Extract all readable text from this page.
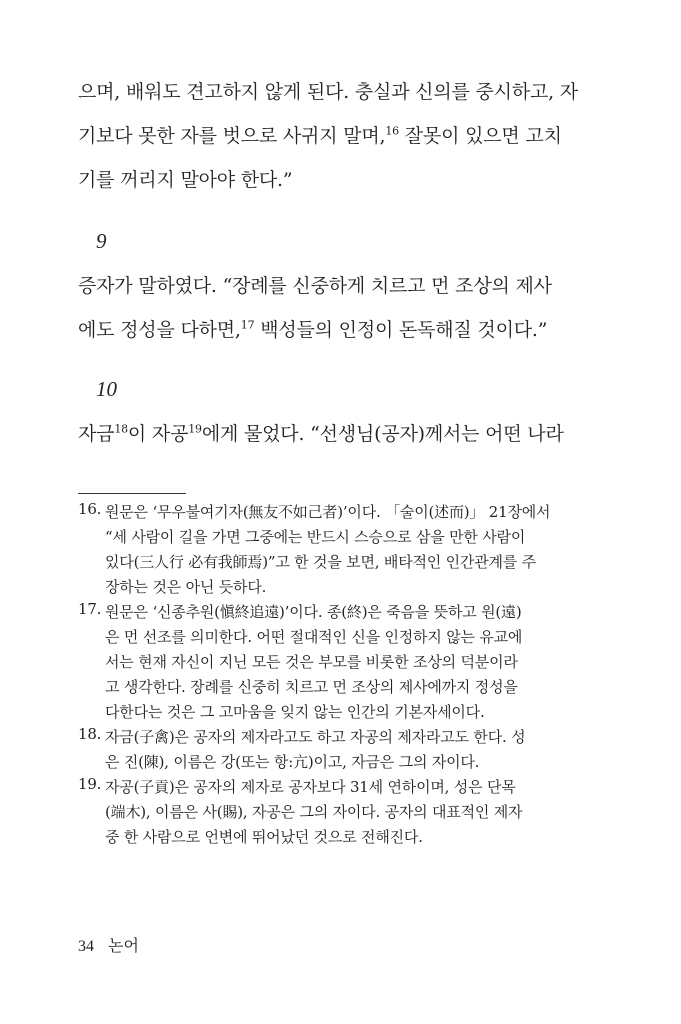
으며, 배워도 견고하지 않게 된다. 충실과 신의를 중시하고, 자
기보다 못한 자를 벗으로 사귀지 말며,$^{16}$ 잘못이 있으면 고치
기를 꺼리지 말아야 한다.”
9
증자가 말하였다. “장례를 신중하게 치르고 먼 조상의 제사
에도 정성을 다하면,$^{17}$ 백성들의 인정이 돈독해질 것이다.”
10
자금$^{18}$이 자공$^{19}$에게 물었다. “선생님(공자)께서는 어떤 나라
16. 원문은 ‘무우불여기자(無友不如己者)’이다. 「술이(述而)」 21장에서
“세 사람이 길을 가면 그중에는 반드시 스승으로 삼을 만한 사람이
있다(三人行 必有我師焉)”고 한 것을 보면, 배타적인 인간관계를 주
장하는 것은 아닌 듯하다.
17. 원문은 ‘신종추원(愼終追遠)’이다. 종(終)은 죽음을 뜻하고 원(遠)
은 먼 선조를 의미한다. 어떤 절대적인 신을 인정하지 않는 유교에
서는 현재 자신이 지닌 모든 것은 부모를 비롯한 조상의 덕분이라
고 생각한다. 장례를 신중히 치르고 먼 조상의 제사에까지 정성을
다한다는 것은 그 고마움을 잊지 않는 인간의 기본자세이다.
18. 자금(子禽)은 공자의 제자라고도 하고 자공의 제자라고도 한다. 성
은 진(陳), 이름은 강(또는 항:亢)이고, 자금은 그의 자이다.
19. 자공(子貢)은 공자의 제자로 공자보다 31세 연하이며, 성은 단목
(端木), 이름은 사(賜), 자공은 그의 자이다. 공자의 대표적인 제자
중 한 사람으로 언변에 뛰어났던 것으로 전해진다.
34 논어
